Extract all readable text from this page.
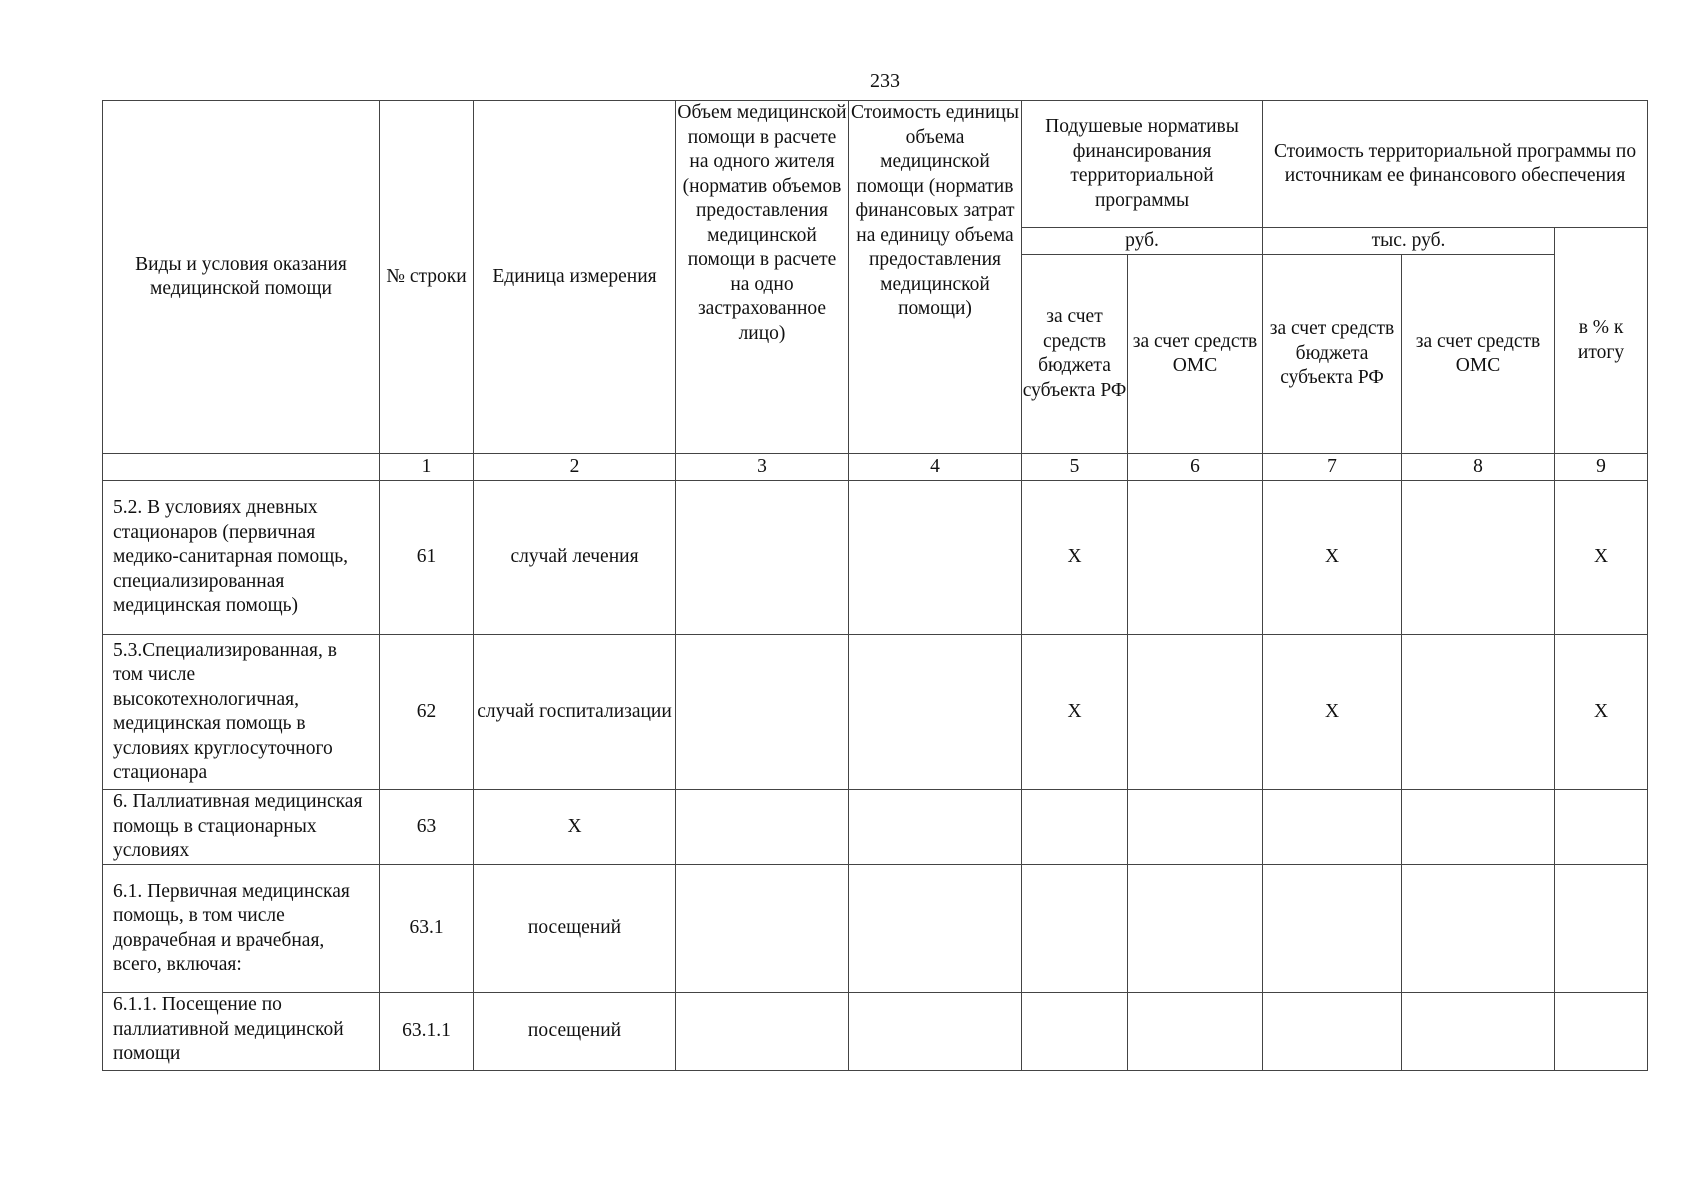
233
Виды и условия оказания медицинской помощи	№ строки	Единица измерения	Объем медицинской помощи в расчете на одного жителя (норматив объемов предоставления медицинской помощи в расчете на одно застрахованное лицо)	Стоимость единицы объема медицинской помощи (норматив финансовых затрат на единицу объема предоставления медицинской помощи)	Подушевые нормативы финансирования территориальной программы		Стоимость территориальной программы по источникам ее финансового обеспечения		
					руб.		тыс. руб.		в % к итогу
					за счет средств бюджета субъекта РФ	за счет средств ОМС	за счет средств бюджета субъекта РФ	за счет средств ОМС	
	1	2	3	4	5	6	7	8	9
5.2. В условиях дневных стационаров (первичная медико-санитарная помощь, специализированная медицинская помощь)	61	случай лечения			X		X		X
5.3.Специализированная, в том числе высокотехнологичная, медицинская помощь в условиях круглосуточного стационара	62	случай госпитализации			X		X		X
6. Паллиативная медицинская помощь в стационарных условиях	63	X							
6.1. Первичная медицинская помощь, в том числе доврачебная и врачебная, всего, включая:	63.1	посещений							
6.1.1. Посещение по паллиативной медицинской помощи	63.1.1	посещений							
